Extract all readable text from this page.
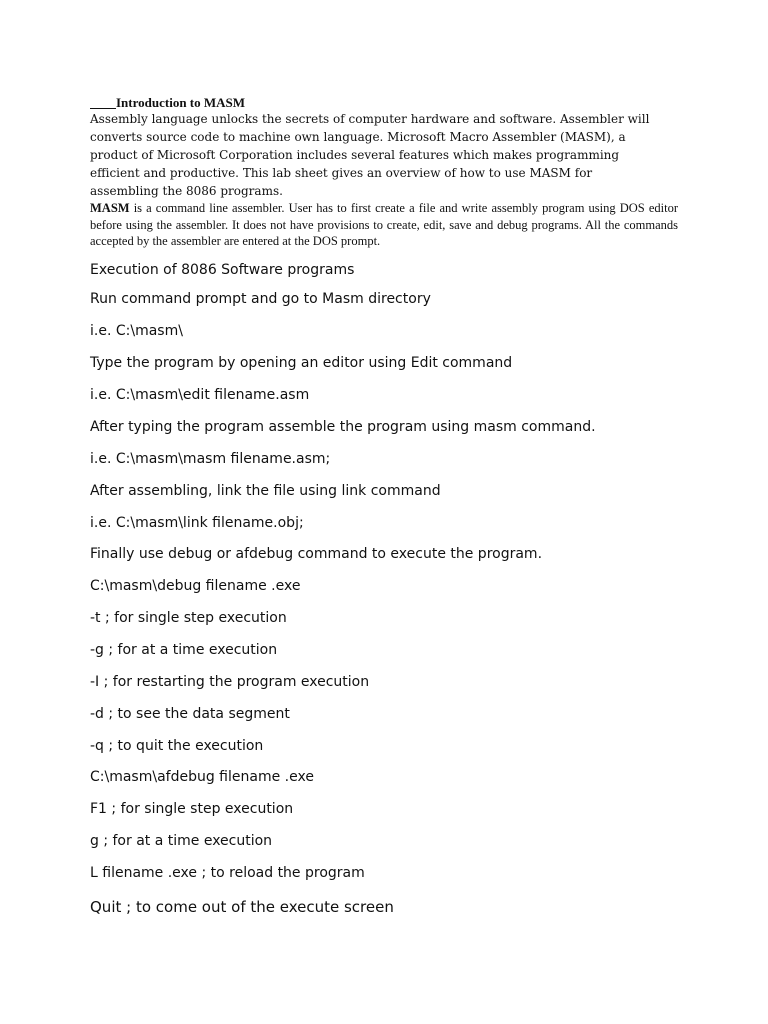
Introduction to MASM

Assembly language unlocks the secrets of computer hardware and software. Assembler will converts source code to machine own language. Microsoft Macro Assembler (MASM), a product of Microsoft Corporation includes several features which makes programming efficient and productive. This lab sheet gives an overview of how to use MASM for assembling the 8086 programs.

MASM is a command line assembler. User has to first create a file and write assembly program using DOS editor before using the assembler. It does not have provisions to create, edit, save and debug programs. All the commands accepted by the assembler are entered at the DOS prompt.

Execution of 8086 Software programs
Run command prompt and go to Masm directory
i.e. C:\masm\
Type the program by opening an editor using Edit command
i.e. C:\masm\edit filename.asm
After typing the program assemble the program using masm command.
i.e. C:\masm\masm filename.asm;
After assembling, link the file using link command
i.e. C:\masm\link filename.obj;
Finally use debug or afdebug command to execute the program.
C:\masm\debug filename .exe
-t ; for single step execution
-g ; for at a time execution
-I ; for restarting the program execution
-d ; to see the data segment
-q ; to quit the execution
C:\masm\afdebug filename .exe
F1 ; for single step execution
g ; for at a time execution
L filename .exe ; to reload the program
Quit ; to come out of the execute screen
